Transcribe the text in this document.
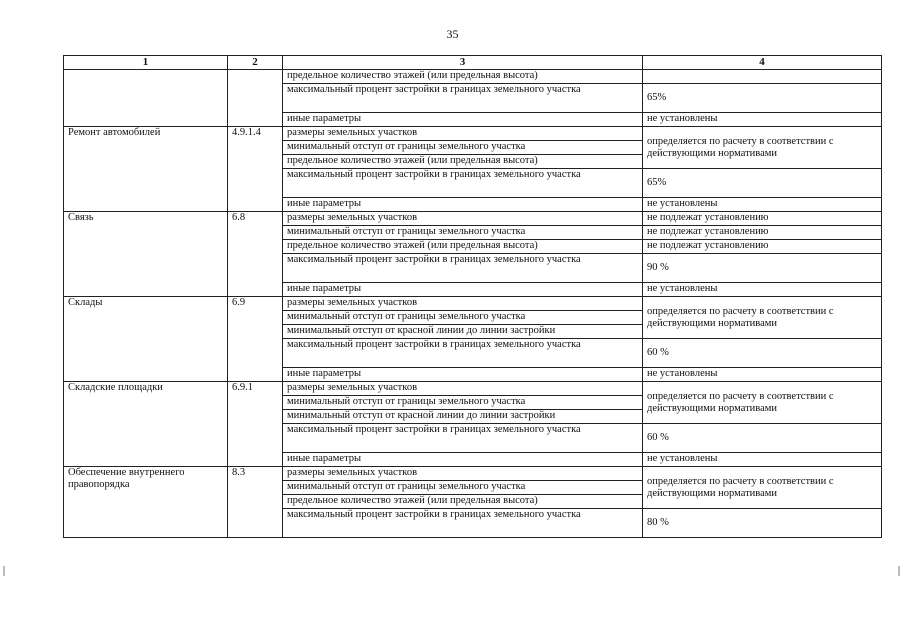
35
1	2	3	4
		предельное количество этажей (или предельная высота)	
		максимальный процент застройки в границах земельного участка	65%
		иные параметры	не установлены
Ремонт автомобилей	4.9.1.4	размеры земельных участков	определяется по расчету в соответствии с действующими нормативами
		минимальный отступ от границы земельного участка	
		предельное количество этажей (или предельная высота)	
		максимальный процент застройки в границах земельного участка	65%
		иные параметры	не установлены
Связь	6.8	размеры земельных участков	не подлежат установлению
		минимальный отступ от границы земельного участка	не подлежат установлению
		предельное количество этажей (или предельная высота)	не подлежат установлению
		максимальный процент застройки в границах земельного участка	90 %
		иные параметры	не установлены
Склады	6.9	размеры земельных участков	определяется по расчету в соответствии с действующими нормативами
		минимальный отступ от границы земельного участка	
		минимальный отступ от красной линии до линии застройки	
		максимальный процент застройки в границах земельного участка	60 %
		иные параметры	не установлены
Складские площадки	6.9.1	размеры земельных участков	определяется по расчету в соответствии с действующими нормативами
		минимальный отступ от границы земельного участка	
		минимальный отступ от красной линии до линии застройки	
		максимальный процент застройки в границах земельного участка	60 %
		иные параметры	не установлены
Обеспечение внутреннего правопорядка	8.3	размеры земельных участков	определяется по расчету в соответствии с действующими нормативами
		минимальный отступ от границы земельного участка	
		предельное количество этажей (или предельная высота)	
		максимальный процент застройки в границах земельного участка	80 %
